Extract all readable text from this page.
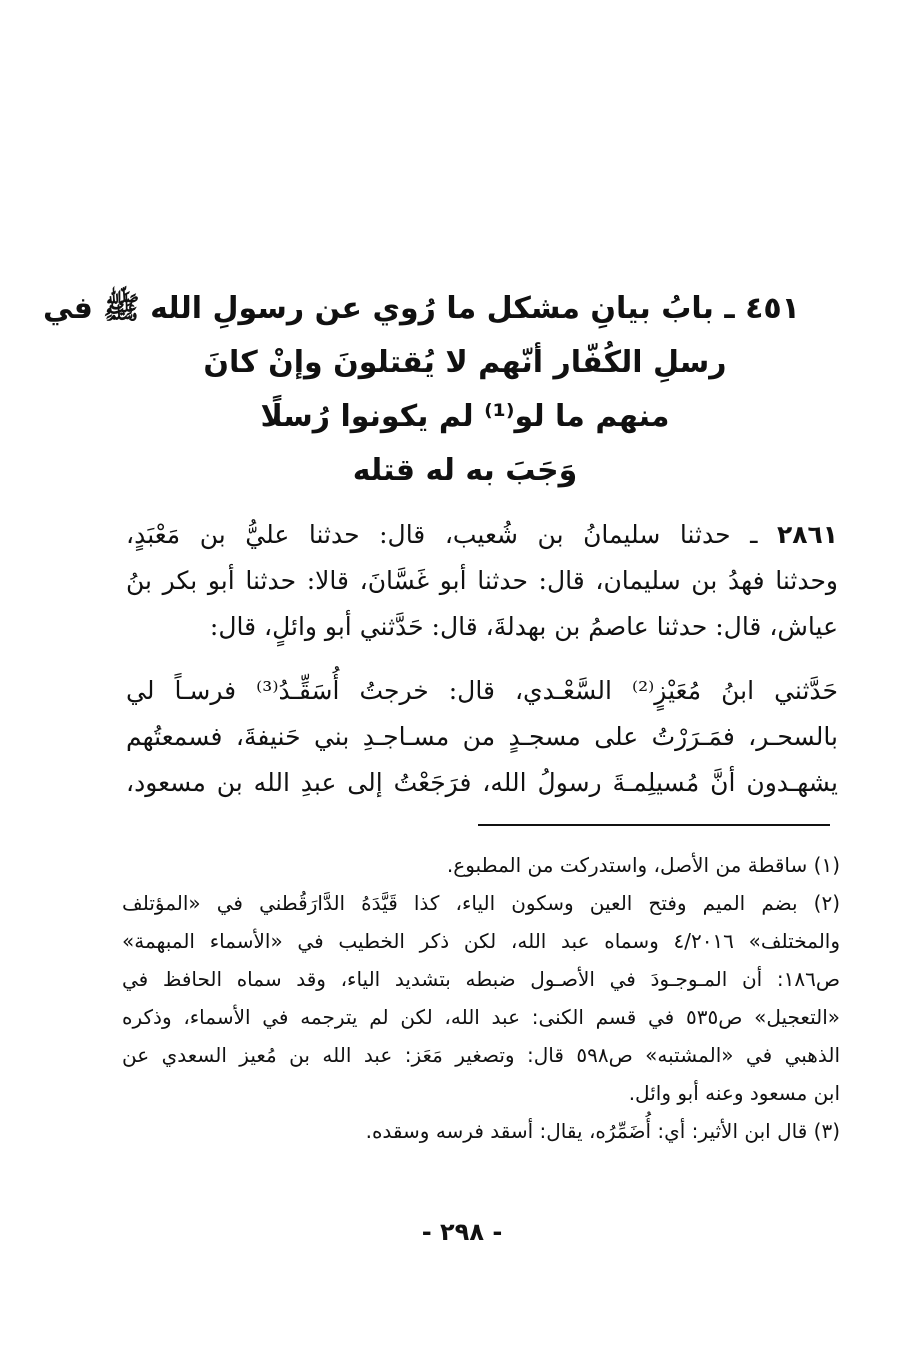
٤٥١ ـ بابُ بيانِ مشكل ما رُوي عن رسولِ الله ﷺ في
رسلِ الكُفّار أنّهم لا يُقتلونَ وإنْ كانَ
منهم ما لو⁽¹⁾ لم يكونوا رُسلًا
وَجَبَ به له قتله
٢٨٦١ ـ حدثنا سليمانُ بن شُعيب، قال: حدثنا عليُّ بن مَعْبَدٍ،
وحدثنا فهدُ بن سليمان، قال: حدثنا أبو غَسَّانَ، قالا: حدثنا أبو بكر بنُ
عياش، قال: حدثنا عاصمُ بن بهدلةَ، قال: حَدَّثني أبو وائلٍ، قال:
حَدَّثني ابنُ مُعَيْزٍ⁽²⁾ السَّعْـدي، قال: خرجتُ أُسَقِّـدُ⁽³⁾ فرسـاً لي
بالسحـر، فمَـرَرْتُ على مسجـدٍ من مسـاجـدِ بني حَنيفةَ، فسمعتُهم
يشهـدون أنَّ مُسيلِمـةَ رسولُ الله، فرَجَعْتُ إلى عبدِ الله بن مسعود،
(١) ساقطة من الأصل، واستدركت من المطبوع.
(٢) بضم الميم وفتح العين وسكون الياء، كذا قَيَّدَهُ الدَّارَقُطني في «المؤتلف
والمختلف» ٤/٢٠١٦ وسماه عبد الله، لكن ذكر الخطيب في «الأسماء المبهمة»
ص١٨٦: أن المـوجـودَ في الأصـول ضبطه بتشديد الياء، وقد سماه الحافظ في
«التعجيل» ص٥٣٥ في قسم الكنى: عبد الله، لكن لم يترجمه في الأسماء، وذكره
الذهبي في «المشتبه» ص٥٩٨ قال: وتصغير مَعَز: عبد الله بن مُعيز السعدي عن
ابن مسعود وعنه أبو وائل.
(٣) قال ابن الأثير: أي: أُضَمِّرُه، يقال: أسقد فرسه وسقده.
- ٢٩٨ -
